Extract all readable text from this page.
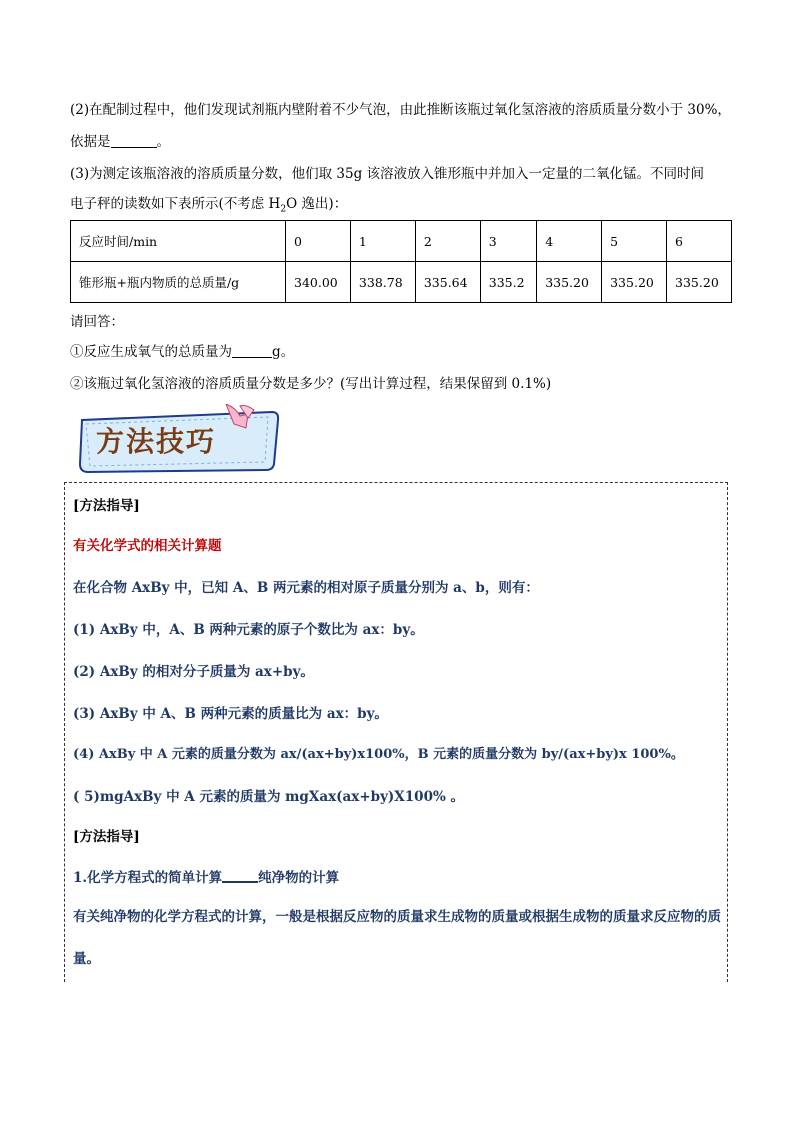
(2)在配制过程中，他们发现试剂瓶内壁附着不少气泡，由此推断该瓶过氧化氢溶液的溶质质量分数小于 30%，
依据是	。
(3)为测定该瓶溶液的溶质质量分数，他们取 35g 该溶液放入锥形瓶中并加入一定量的二氧化锰。不同时间
电子秤的读数如下表所示(不考虑 $H_2O$ 逸出)：
反应时间/min	0	1	2	3	4	5	6
锥形瓶+瓶内物质的总质量/g	340.00	338.78	335.64	335.2	335.20	335.20	335.20
请回答：
①反应生成氧气的总质量为	g。
②该瓶过氧化氢溶液的溶质质量分数是多少？(写出计算过程，结果保留到 0.1%)
方法技巧
[方法指导]
有关化学式的相关计算题
在化合物 AxBy 中，已知 A、B 两元素的相对原子质量分别为 a、b，则有：
(1) AxBy 中，A、B 两种元素的原子个数比为 ax：by。
(2) AxBy 的相对分子质量为 ax+by。
(3) AxBy 中 A、B 两种元素的质量比为 ax：by。
(4) AxBy 中 A 元素的质量分数为 ax/(ax+by)x100%，B 元素的质量分数为 by/(ax+by)x 100%。
( 5)mgAxBy 中 A 元素的质量为 mgXax(ax+by)X100% 。
[方法指导]
1.化学方程式的简单计算	纯净物的计算
有关纯净物的化学方程式的计算，一般是根据反应物的质量求生成物的质量或根据生成物的质量求反应物的质量。
